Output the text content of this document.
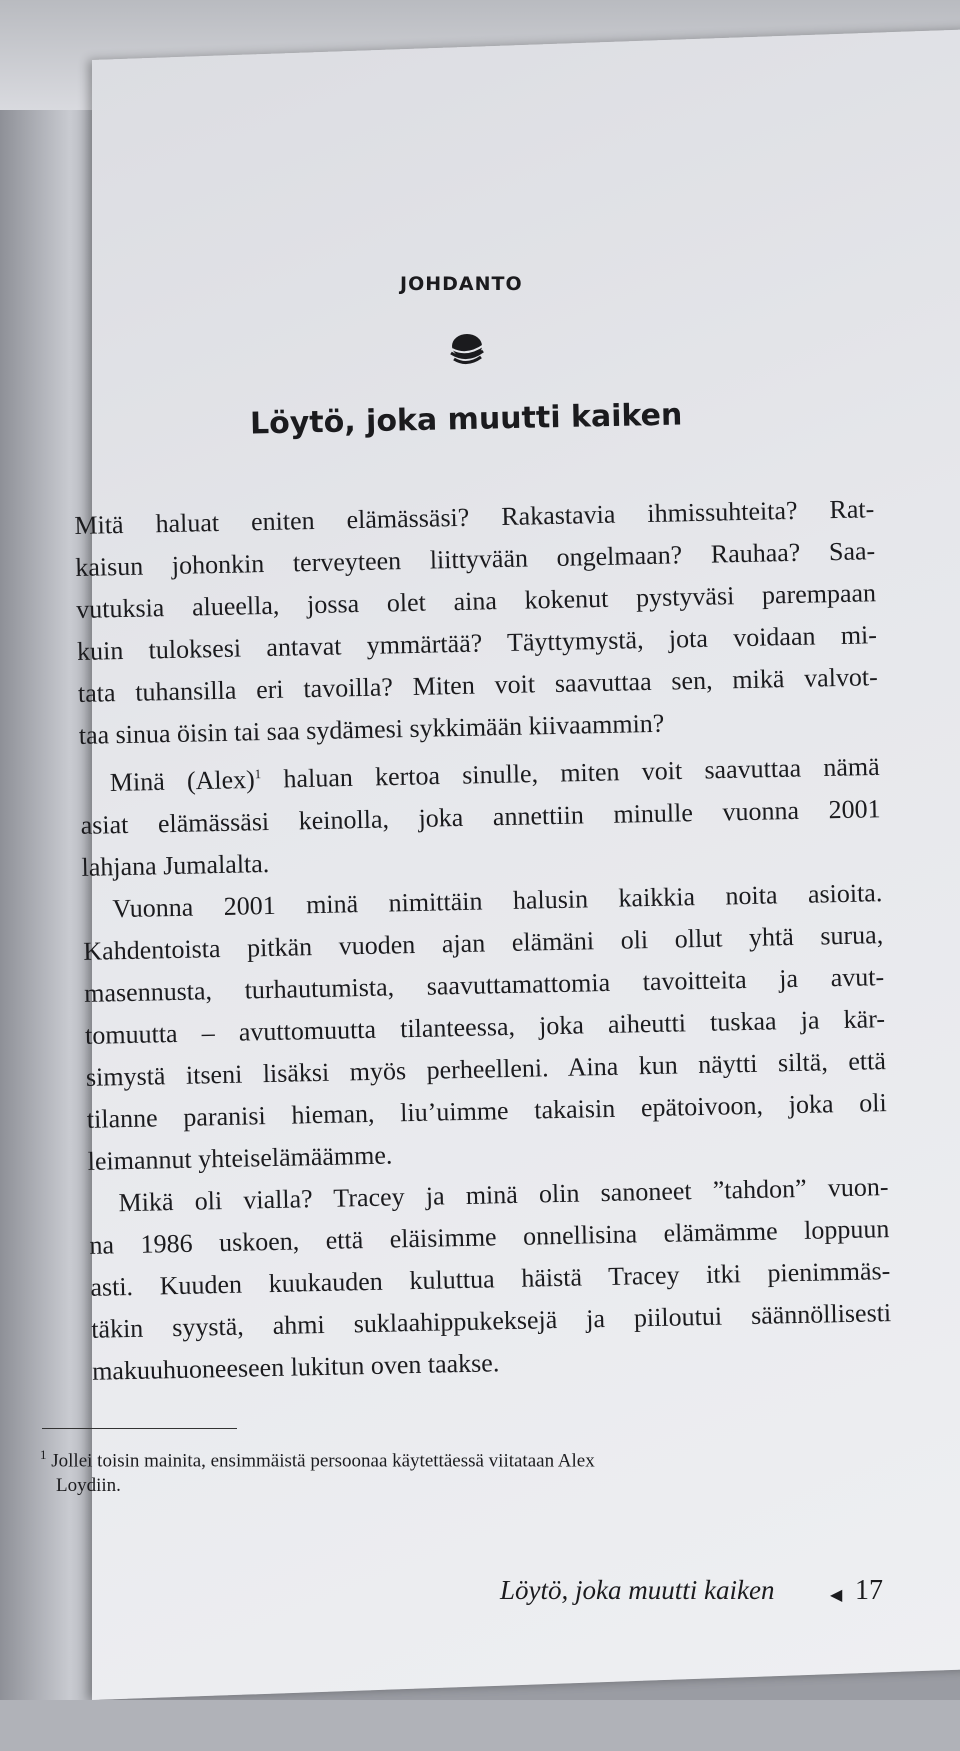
JOHDANTO
Löytö, joka muutti kaiken
Mitä haluat eniten elämässäsi? Rakastavia ihmissuhteita? Rat-
kaisun johonkin terveyteen liittyvään ongelmaan? Rauhaa? Saa-
vutuksia alueella, jossa olet aina kokenut pystyväsi parempaan
kuin tuloksesi antavat ymmärtää? Täyttymystä, jota voidaan mi-
tata tuhansilla eri tavoilla? Miten voit saavuttaa sen, mikä valvot-
taa sinua öisin tai saa sydämesi sykkimään kiivaammin?
Minä (Alex)$^1$ haluan kertoa sinulle, miten voit saavuttaa nämä
asiat elämässäsi keinolla, joka annettiin minulle vuonna 2001
lahjana Jumalalta.
Vuonna 2001 minä nimittäin halusin kaikkia noita asioita.
Kahdentoista pitkän vuoden ajan elämäni oli ollut yhtä surua,
masennusta, turhautumista, saavuttamattomia tavoitteita ja avut-
tomuutta – avuttomuutta tilanteessa, joka aiheutti tuskaa ja kär-
simystä itseni lisäksi myös perheelleni. Aina kun näytti siltä, että
tilanne paranisi hieman, liu’uimme takaisin epätoivoon, joka oli
leimannut yhteiselämäämme.
Mikä oli vialla? Tracey ja minä olin sanoneet ”tahdon” vuon-
na 1986 uskoen, että eläisimme onnellisina elämämme loppuun
asti. Kuuden kuukauden kuluttua häistä Tracey itki pienimmäs-
täkin syystä, ahmi suklaahippukeksejä ja piiloutui säännöllisesti
makuuhuoneeseen lukitun oven taakse.
$^1$ Jollei toisin mainita, ensimmäistä persoonaa käytettäessä viitataan Alex
Loydiin.
Löytö, joka muutti kaiken	◀ 17
